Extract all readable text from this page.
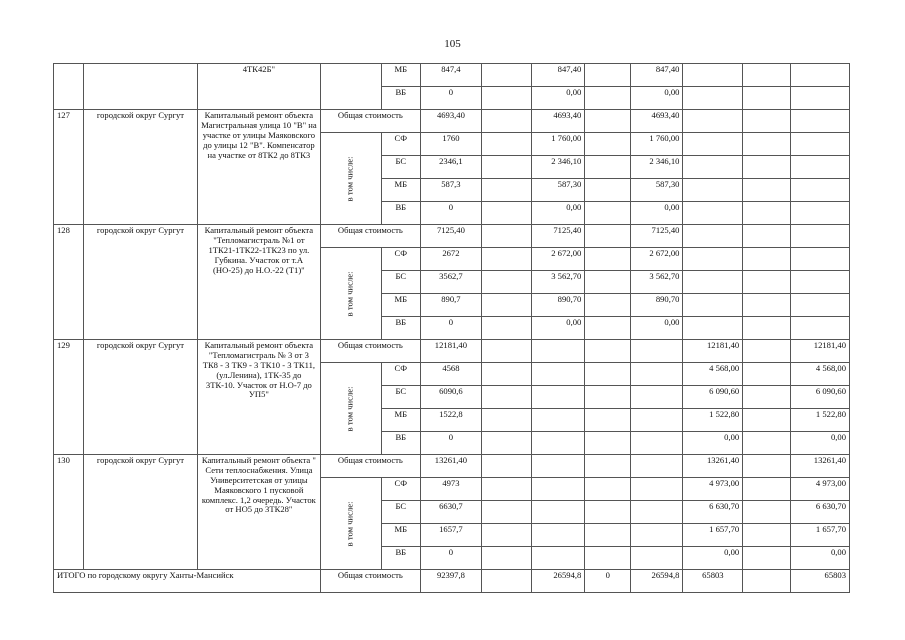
105
		4ТК42Б"		МБ	847,4		847,40		847,40			
				ВБ	0		0,00		0,00			
127	городской округ Сургут	Капитальный ремонт объекта Магистральная улица 10 "В" на участке от улицы Маяковского до улицы 12 "В". Компенсатор на участке от 8ТК2 до 8ТК3	Общая стоимость		4693,40		4693,40		4693,40			
			в том числе:	СФ	1760		1 760,00		1 760,00			
				БС	2346,1		2 346,10		2 346,10			
				МБ	587,3		587,30		587,30			
				ВБ	0		0,00		0,00			
128	городской округ Сургут	Капитальный ремонт объекта "Тепломагистраль №1 от 1ТК21-1ТК22-1ТК23 по ул. Губкина. Участок от т.А (НО-25) до Н.О.-22 (Т1)"	Общая стоимость		7125,40		7125,40		7125,40			
			в том числе:	СФ	2672		2 672,00		2 672,00			
				БС	3562,7		3 562,70		3 562,70			
				МБ	890,7		890,70		890,70			
				ВБ	0		0,00		0,00			
129	городской округ Сургут	Капитальный ремонт объекта "Тепломагистраль № 3 от 3 ТК8 - 3 ТК9 - 3 ТК10 - 3 ТК11, (ул.Ленина), 1ТК-35 до 3ТК-10. Участок от Н.О-7 до УП5"	Общая стоимость		12181,40					12181,40		12181,40
			в том числе:	СФ	4568					4 568,00		4 568,00
				БС	6090,6					6 090,60		6 090,60
				МБ	1522,8					1 522,80		1 522,80
				ВБ	0					0,00		0,00
130	городской округ Сургут	Капитальный ремонт объекта " Сети теплоснабжения. Улица Университетская от улицы Маяковского 1 пусковой комплекс. 1,2 очередь. Участок от НО5 до 3ТК28"	Общая стоимость		13261,40					13261,40		13261,40
			в том числе:	СФ	4973					4 973,00		4 973,00
				БС	6630,7					6 630,70		6 630,70
				МБ	1657,7					1 657,70		1 657,70
				ВБ	0					0,00		0,00
ИТОГО по городскому округу Ханты-Мансийск			Общая стоимость		92397,8		26594,8	0	26594,8	65803		65803
